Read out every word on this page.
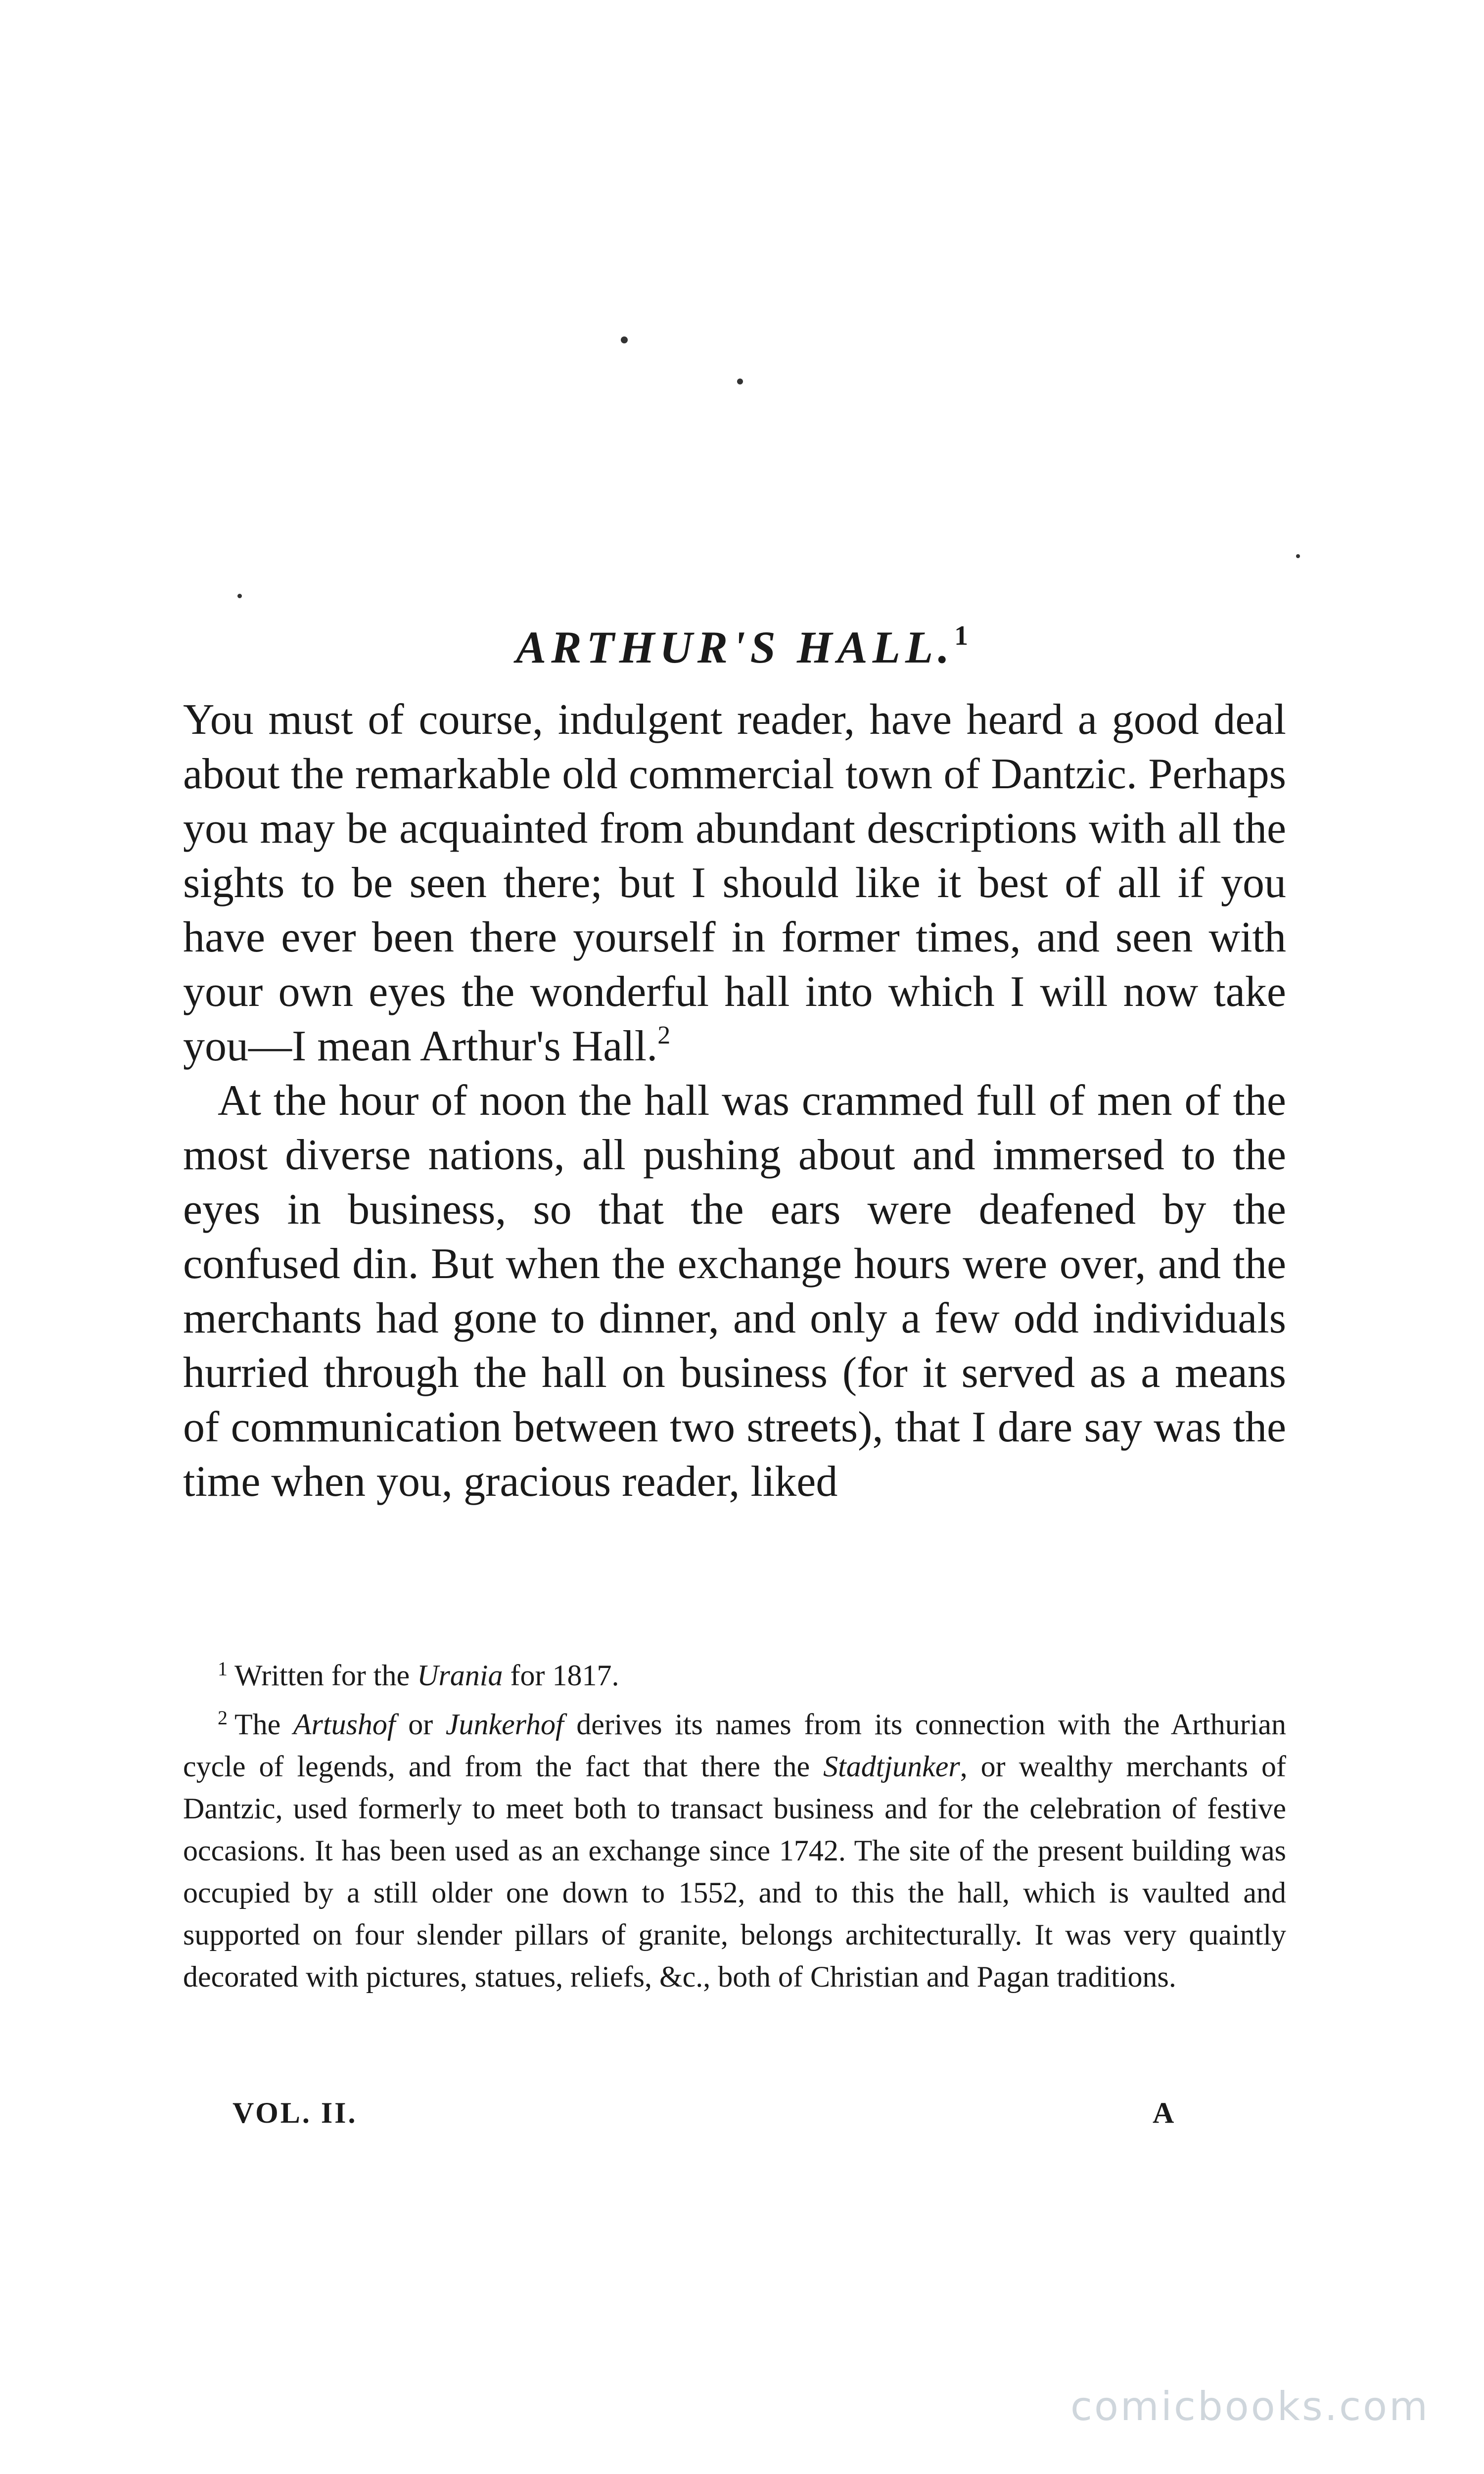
ARTHUR'S HALL.$^1$

You must of course, indulgent reader, have heard a good deal about the remarkable old commercial town of Dantzic. Perhaps you may be acquainted from abundant descriptions with all the sights to be seen there; but I should like it best of all if you have ever been there yourself in former times, and seen with your own eyes the wonderful hall into which I will now take you—I mean Arthur's Hall.$^2$

At the hour of noon the hall was crammed full of men of the most diverse nations, all pushing about and immersed to the eyes in business, so that the ears were deafened by the confused din. But when the exchange hours were over, and the merchants had gone to dinner, and only a few odd individuals hurried through the hall on business (for it served as a means of communication between two streets), that I dare say was the time when you, gracious reader, liked

$^1$ Written for the Urania for 1817.

$^2$ The Artushof or Junkerhof derives its names from its connection with the Arthurian cycle of legends, and from the fact that there the Stadtjunker, or wealthy merchants of Dantzic, used formerly to meet both to transact business and for the celebration of festive occasions. It has been used as an exchange since 1742. The site of the present building was occupied by a still older one down to 1552, and to this the hall, which is vaulted and supported on four slender pillars of granite, belongs architecturally. It was very quaintly decorated with pictures, statues, reliefs, &c., both of Christian and Pagan traditions.

VOL. II.	A
comicbooks.com
